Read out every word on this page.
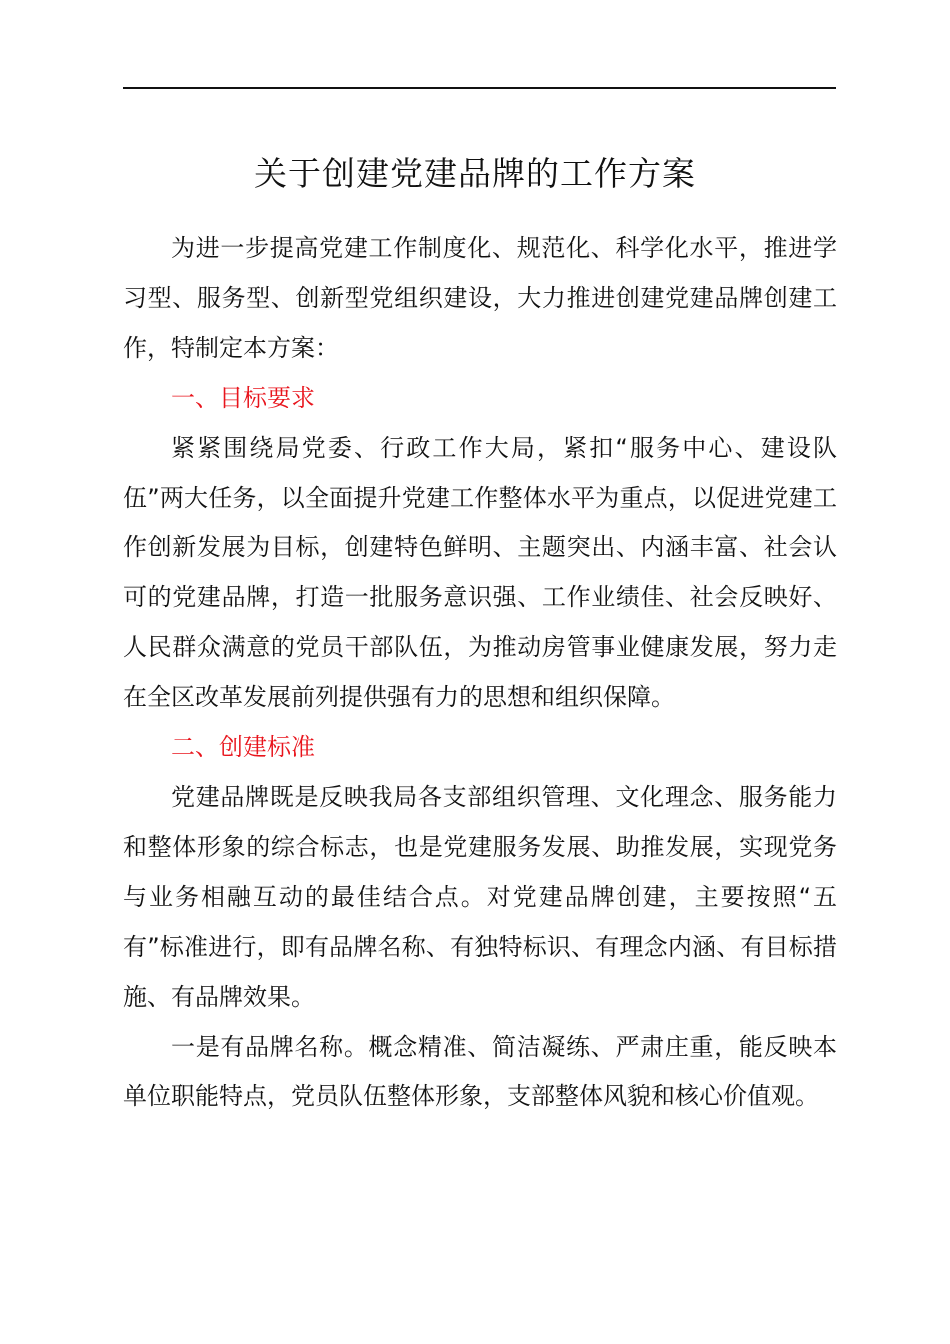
关于创建党建品牌的工作方案

为进一步提高党建工作制度化、规范化、科学化水平，推进学习型、服务型、创新型党组织建设，大力推进创建党建品牌创建工作，特制定本方案：

一、目标要求

紧紧围绕局党委、行政工作大局，紧扣“服务中心、建设队伍”两大任务，以全面提升党建工作整体水平为重点，以促进党建工作创新发展为目标，创建特色鲜明、主题突出、内涵丰富、社会认可的党建品牌，打造一批服务意识强、工作业绩佳、社会反映好、人民群众满意的党员干部队伍，为推动房管事业健康发展，努力走在全区改革发展前列提供强有力的思想和组织保障。

二、创建标准

党建品牌既是反映我局各支部组织管理、文化理念、服务能力和整体形象的综合标志，也是党建服务发展、助推发展，实现党务与业务相融互动的最佳结合点。对党建品牌创建，主要按照“五有”标准进行，即有品牌名称、有独特标识、有理念内涵、有目标措施、有品牌效果。

一是有品牌名称。概念精准、简洁凝练、严肃庄重，能反映本单位职能特点，党员队伍整体形象，支部整体风貌和核心价值观。
